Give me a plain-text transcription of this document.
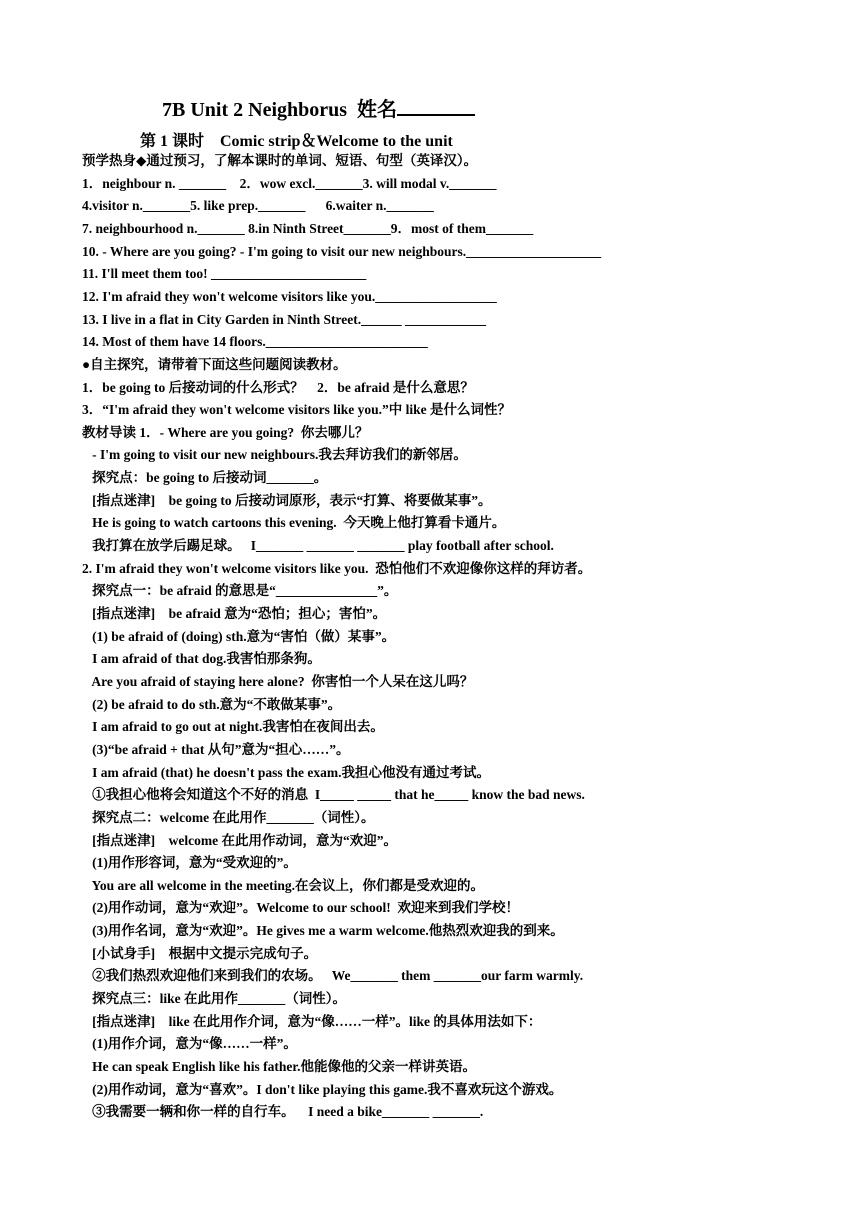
7B Unit 2 Neighborus  姓名
第 1 课时    Comic strip＆Welcome to the unit
预学热身◆通过预习，了解本课时的单词、短语、句型（英译汉）。
1．neighbour n. _______    2．wow excl._______3. will modal v._______
4.visitor n._______5. like prep._______      6.waiter n._______
7. neighbourhood n._______ 8.in Ninth Street_______9．most of them_______
10. - Where are you going? - I'm going to visit our new neighbours.____________________
11. I'll meet them too! _______________________
12. I'm afraid they won't welcome visitors like you.__________________
13. I live in a flat in City Garden in Ninth Street.______ ____________
14. Most of them have 14 floors.________________________
●自主探究，请带着下面这些问题阅读教材。
1．be going to 后接动词的什么形式？    2．be afraid 是什么意思？
3．“I'm afraid they won't welcome visitors like you.”中 like 是什么词性？
教材导读 1．- Where are you going?  你去哪儿？
- I'm going to visit our new neighbours.我去拜访我们的新邻居。
探究点：be going to 后接动词_______。
[指点迷津]    be going to 后接动词原形，表示“打算、将要做某事”。
He is going to watch cartoons this evening.  今天晚上他打算看卡通片。
我打算在放学后踢足球。   I_______ _______ _______ play football after school.
2. I'm afraid they won't welcome visitors like you.  恐怕他们不欢迎像你这样的拜访者。
探究点一：be afraid 的意思是“_______________”。
[指点迷津]    be afraid 意为“恐怕；担心；害怕”。
(1) be afraid of (doing) sth.意为“害怕（做）某事”。
I am afraid of that dog.我害怕那条狗。
Are you afraid of staying here alone?  你害怕一个人呆在这儿吗？
(2) be afraid to do sth.意为“不敢做某事”。
I am afraid to go out at night.我害怕在夜间出去。
(3)“be afraid + that 从句”意为“担心……”。
I am afraid (that) he doesn't pass the exam.我担心他没有通过考试。
①我担心他将会知道这个不好的消息  I_____ _____ that he_____ know the bad news.
探究点二：welcome 在此用作_______（词性）。
[指点迷津]    welcome 在此用作动词，意为“欢迎”。
(1)用作形容词，意为“受欢迎的”。
You are all welcome in the meeting.在会议上，你们都是受欢迎的。
(2)用作动词，意为“欢迎”。Welcome to our school!  欢迎来到我们学校！
(3)用作名词，意为“欢迎”。He gives me a warm welcome.他热烈欢迎我的到来。
[小试身手]    根据中文提示完成句子。
②我们热烈欢迎他们来到我们的农场。   We_______ them _______our farm warmly.
探究点三：like 在此用作_______（词性）。
[指点迷津]    like 在此用作介词，意为“像……一样”。like 的具体用法如下：
(1)用作介词，意为“像……一样”。
He can speak English like his father.他能像他的父亲一样讲英语。
(2)用作动词，意为“喜欢”。I don't like playing this game.我不喜欢玩这个游戏。
③我需要一辆和你一样的自行车。    I need a bike_______ _______.
